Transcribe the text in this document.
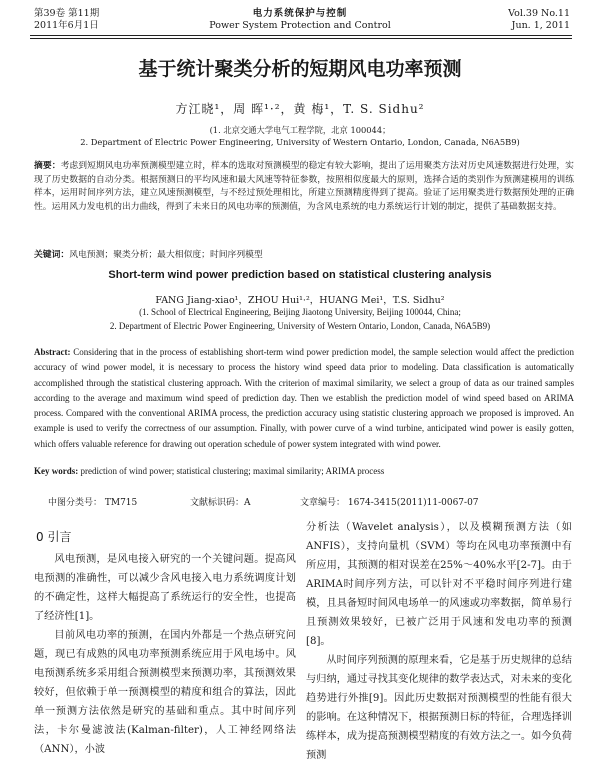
第39卷 第11期
2011年6月1日
电力系统保护与控制
Power System Protection and Control
Vol.39 No.11
Jun. 1, 2011
基于统计聚类分析的短期风电功率预测
方江晓¹，周 晖¹·²，黄 梅¹，T. S. Sidhu²
(1. 北京交通大学电气工程学院，北京 100044；
2. Department of Electric Power Engineering, University of Western Ontario, London, Canada, N6A5B9)
摘要：考虑到短期风电功率预测模型建立时，样本的选取对预测模型的稳定有较大影响，提出了运用聚类方法对历史风速数据进行处理，实现了历史数据的自动分类。根据预测日的平均风速和最大风速等特征参数，按照相似度最大的原则，选择合适的类别作为预测建模用的训练样本，运用时间序列方法，建立风速预测模型，与不经过预处理相比，所建立预测精度得到了提高。验证了运用聚类进行数据预处理的正确性。运用风力发电机的出力曲线，得到了未来日的风电功率的预测值，为含风电系统的电力系统运行计划的制定，提供了基础数据支持。
关键词：风电预测；聚类分析；最大相似度；时间序列模型
Short-term wind power prediction based on statistical clustering analysis
FANG Jiang-xiao¹，ZHOU Hui¹·²，HUANG Mei¹，T.S. Sidhu²
(1. School of Electrical Engineering, Beijing Jiaotong University, Beijing 100044, China;
2. Department of Electric Power Engineering, University of Western Ontario, London, Canada, N6A5B9)
Abstract: Considering that in the process of establishing short-term wind power prediction model, the sample selection would affect the prediction accuracy of wind power model, it is necessary to process the history wind speed data prior to modeling. Data classification is automatically accomplished through the statistical clustering approach. With the criterion of maximal similarity, we select a group of data as our trained samples according to the average and maximum wind speed of prediction day. Then we establish the prediction model of wind speed based on ARIMA process. Compared with the conventional ARIMA process, the prediction accuracy using statistic clustering approach we proposed is improved. An example is used to verify the correctness of our assumption. Finally, with power curve of a wind turbine, anticipated wind power is easily gotten, which offers valuable reference for drawing out operation schedule of power system integrated with wind power.
Key words: prediction of wind power; statistical clustering; maximal similarity; ARIMA process
中图分类号： TM715	文献标识码：A	文章编号： 1674-3415(2011)11-0067-07
0 引言

风电预测，是风电接入研究的一个关键问题。提高风电预测的准确性，可以减少含风电接入电力系统调度计划的不确定性，这样大幅提高了系统运行的安全性，也提高了经济性[1]。

目前风电功率的预测，在国内外都是一个热点研究问题，现已有成熟的风电功率预测系统应用于风电场中。风电预测系统多采用组合预测模型来预测功率，其预测效果较好，但依赖于单一预测模型的精度和组合的算法，因此单一预测方法依然是研究的基础和重点。其中时间序列法，卡尔曼滤波法(Kalman-filter)，人工神经网络法（ANN），小波

分析法（Wavelet analysis），以及模糊预测方法（如ANFIS），支持向量机（SVM）等均在风电功率预测中有所应用，其预测的相对误差在25%～40%水平[2-7]。由于ARIMA时间序列方法，可以针对不平稳时间序列进行建模，且具备短时间风电场单一的风速或功率数据，简单易行且预测效果较好，已被广泛用于风速和发电功率的预测[8]。

从时间序列预测的原理来看，它是基于历史规律的总结与归纳，通过寻找其变化规律的数学表达式，对未来的变化趋势进行外推[9]。因此历史数据对预测模型的性能有很大的影响。在这种情况下，根据预测日标的特征，合理选择训练样本，成为提高预测模型精度的有效方法之一。如今负荷预测
